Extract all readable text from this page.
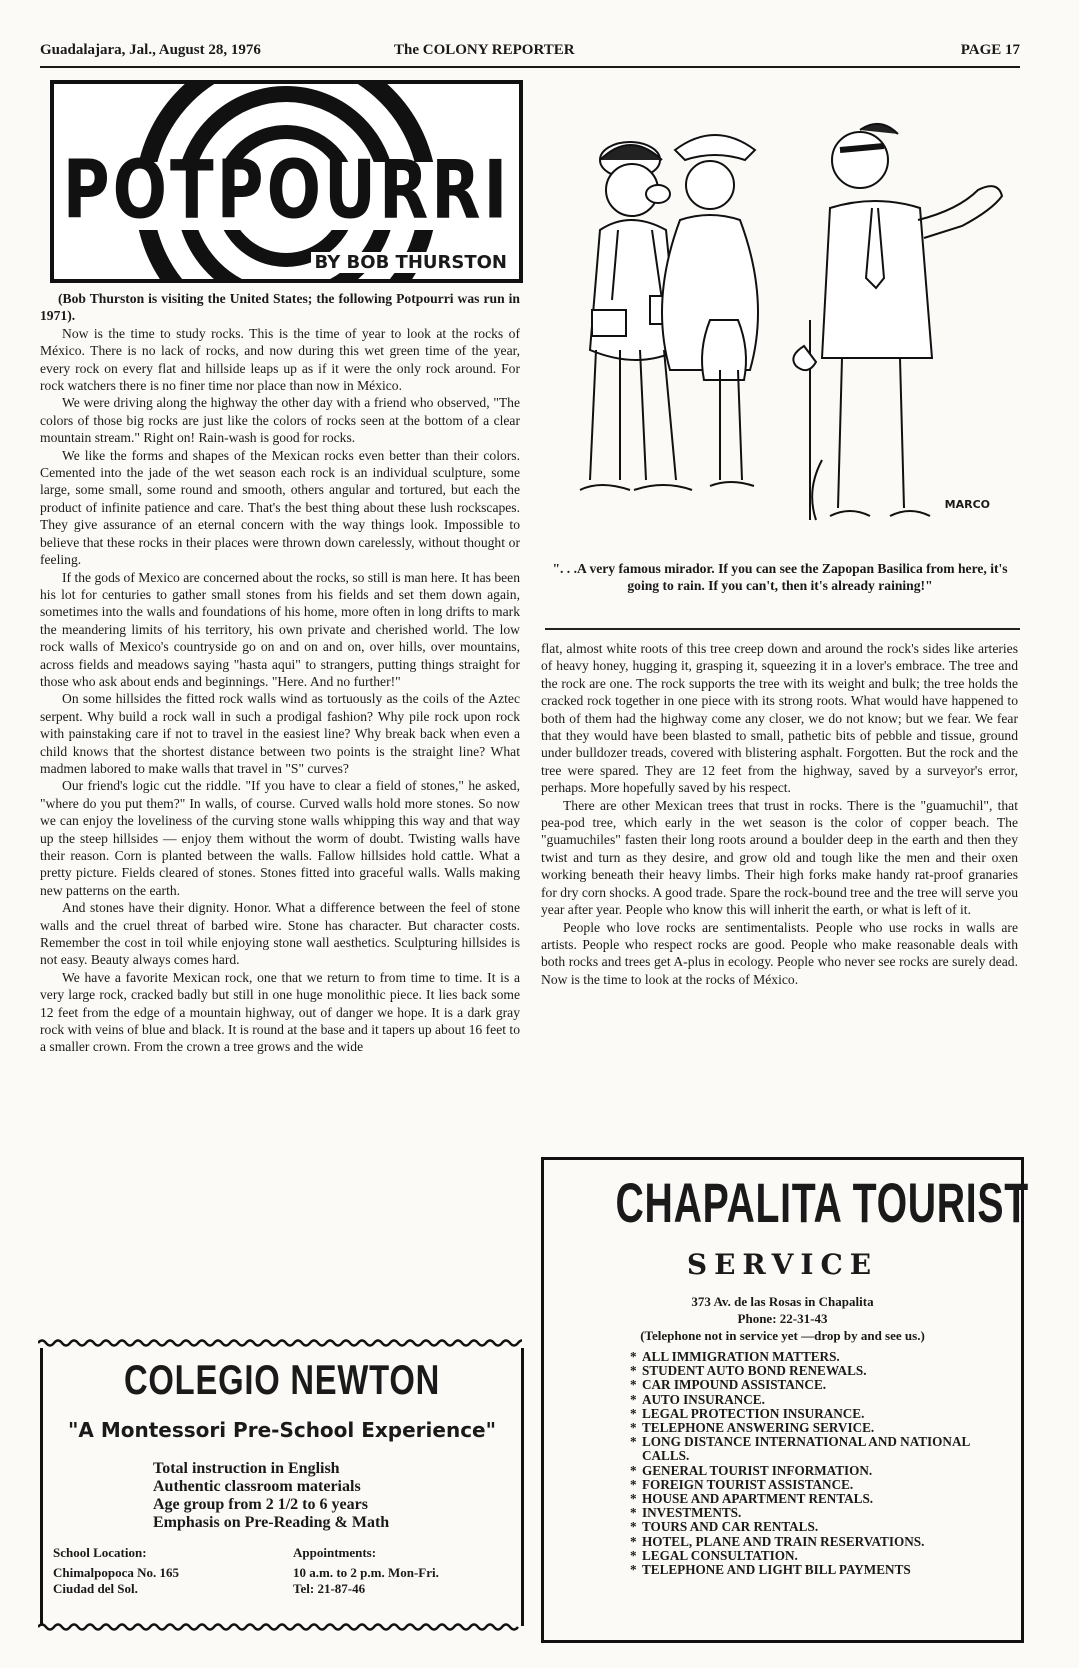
Guadalajara, Jal., August 28, 1976	The COLONY REPORTER	PAGE 17
POTPOURRI
BY BOB THURSTON

(Bob Thurston is visiting the United States; the following Potpourri was run in 1971).

Now is the time to study rocks. This is the time of year to look at the rocks of México. There is no lack of rocks, and now during this wet green time of the year, every rock on every flat and hillside leaps up as if it were the only rock around. For rock watchers there is no finer time nor place than now in México.

We were driving along the highway the other day with a friend who observed, "The colors of those big rocks are just like the colors of rocks seen at the bottom of a clear mountain stream." Right on! Rain-wash is good for rocks.

We like the forms and shapes of the Mexican rocks even better than their colors. Cemented into the jade of the wet season each rock is an individual sculpture, some large, some small, some round and smooth, others angular and tortured, but each the product of infinite patience and care. That's the best thing about these lush rockscapes. They give assurance of an eternal concern with the way things look. Impossible to believe that these rocks in their places were thrown down carelessly, without thought or feeling.

If the gods of Mexico are concerned about the rocks, so still is man here. It has been his lot for centuries to gather small stones from his fields and set them down again, sometimes into the walls and foundations of his home, more often in long drifts to mark the meandering limits of his territory, his own private and cherished world. The low rock walls of Mexico's countryside go on and on and on, over hills, over mountains, across fields and meadows saying "hasta aqui" to strangers, putting things straight for those who ask about ends and beginnings. "Here. And no further!"

On some hillsides the fitted rock walls wind as tortuously as the coils of the Aztec serpent. Why build a rock wall in such a prodigal fashion? Why pile rock upon rock with painstaking care if not to travel in the easiest line? Why break back when even a child knows that the shortest distance between two points is the straight line? What madmen labored to make walls that travel in "S" curves?

Our friend's logic cut the riddle. "If you have to clear a field of stones," he asked, "where do you put them?" In walls, of course. Curved walls hold more stones. So now we can enjoy the loveliness of the curving stone walls whipping this way and that way up the steep hillsides — enjoy them without the worm of doubt. Twisting walls have their reason. Corn is planted between the walls. Fallow hillsides hold cattle. What a pretty picture. Fields cleared of stones. Stones fitted into graceful walls. Walls making new patterns on the earth.

And stones have their dignity. Honor. What a difference between the feel of stone walls and the cruel threat of barbed wire. Stone has character. But character costs. Remember the cost in toil while enjoying stone wall aesthetics. Sculpturing hillsides is not easy. Beauty always comes hard.

We have a favorite Mexican rock, one that we return to from time to time. It is a very large rock, cracked badly but still in one huge monolithic piece. It lies back some 12 feet from the edge of a mountain highway, out of danger we hope. It is a dark gray rock with veins of blue and black. It is round at the base and it tapers up about 16 feet to a smaller crown. From the crown a tree grows and the wide

MARCO
". . .A very famous mirador. If you can see the Zapopan Basilica from here, it's going to rain. If you can't, then it's already raining!"

flat, almost white roots of this tree creep down and around the rock's sides like arteries of heavy honey, hugging it, grasping it, squeezing it in a lover's embrace. The tree and the rock are one. The rock supports the tree with its weight and bulk; the tree holds the cracked rock together in one piece with its strong roots. What would have happened to both of them had the highway come any closer, we do not know; but we fear. We fear that they would have been blasted to small, pathetic bits of pebble and tissue, ground under bulldozer treads, covered with blistering asphalt. Forgotten. But the rock and the tree were spared. They are 12 feet from the highway, saved by a surveyor's error, perhaps. More hopefully saved by his respect.

There are other Mexican trees that trust in rocks. There is the "guamuchil", that pea-pod tree, which early in the wet season is the color of copper beach. The "guamuchiles" fasten their long roots around a boulder deep in the earth and then they twist and turn as they desire, and grow old and tough like the men and their oxen working beneath their heavy limbs. Their high forks make handy rat-proof granaries for dry corn shocks. A good trade. Spare the rock-bound tree and the tree will serve you year after year. People who know this will inherit the earth, or what is left of it.

People who love rocks are sentimentalists. People who use rocks in walls are artists. People who respect rocks are good. People who make reasonable deals with both rocks and trees get A-plus in ecology. People who never see rocks are surely dead. Now is the time to look at the rocks of México.

COLEGIO NEWTON
"A Montessori Pre-School Experience"
Total instruction in English
Authentic classroom materials
Age group from 2 1/2 to 6 years
Emphasis on Pre-Reading & Math
School Location:
Chimalpopoca No. 165
Ciudad del Sol.
Appointments:
10 a.m. to 2 p.m. Mon-Fri.
Tel: 21-87-46
CHAPALITA TOURIST
SERVICE
373 Av. de las Rosas in Chapalita
Phone: 22-31-43
(Telephone not in service yet —drop by and see us.)
* ALL IMMIGRATION MATTERS.
* STUDENT AUTO BOND RENEWALS.
* CAR IMPOUND ASSISTANCE.
* AUTO INSURANCE.
* LEGAL PROTECTION INSURANCE.
* TELEPHONE ANSWERING SERVICE.
* LONG DISTANCE INTERNATIONAL AND NATIONAL CALLS.
* GENERAL TOURIST INFORMATION.
* FOREIGN TOURIST ASSISTANCE.
* HOUSE AND APARTMENT RENTALS.
* INVESTMENTS.
* TOURS AND CAR RENTALS.
* HOTEL, PLANE AND TRAIN RESERVATIONS.
* LEGAL CONSULTATION.
* TELEPHONE AND LIGHT BILL PAYMENTS
